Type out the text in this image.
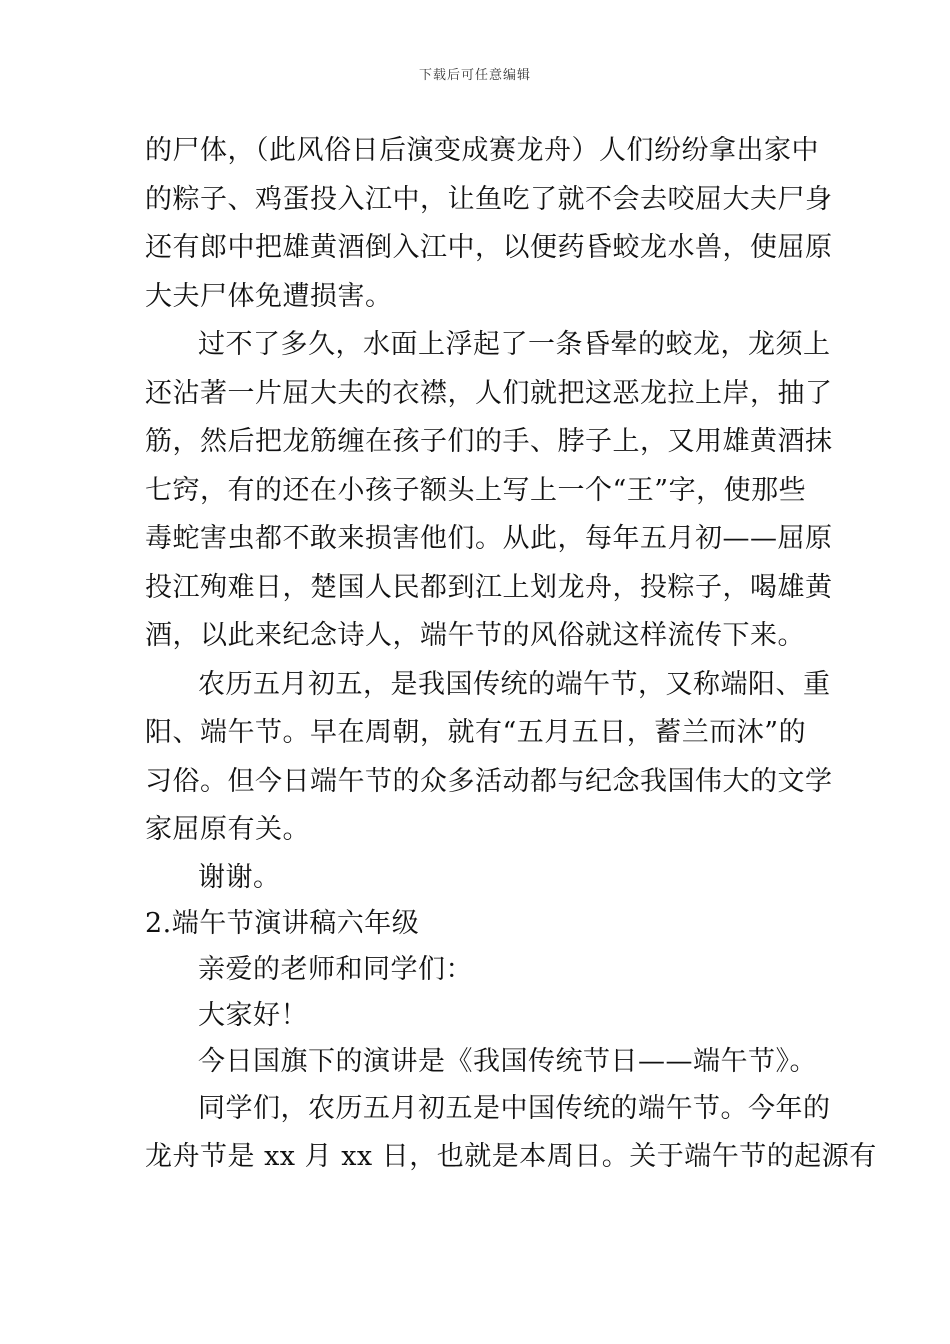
下载后可任意编辑
的尸体，（此风俗日后演变成赛龙舟）人们纷纷拿出家中
的粽子、鸡蛋投入江中，让鱼吃了就不会去咬屈大夫尸身
还有郎中把雄黄酒倒入江中，以便药昏蛟龙水兽，使屈原
大夫尸体免遭损害。
过不了多久，水面上浮起了一条昏晕的蛟龙，龙须上
还沾著一片屈大夫的衣襟，人们就把这恶龙拉上岸，抽了
筋，然后把龙筋缠在孩子们的手、脖子上，又用雄黄酒抹
七窍，有的还在小孩子额头上写上一个“王”字，使那些
毒蛇害虫都不敢来损害他们。从此，每年五月初——屈原
投江殉难日，楚国人民都到江上划龙舟，投粽子，喝雄黄
酒，以此来纪念诗人，端午节的风俗就这样流传下来。
农历五月初五，是我国传统的端午节，又称端阳、重
阳、端午节。早在周朝，就有“五月五日，蓄兰而沐”的
习俗。但今日端午节的众多活动都与纪念我国伟大的文学
家屈原有关。
谢谢。
2.端午节演讲稿六年级
亲爱的老师和同学们：
大家好！
今日国旗下的演讲是《我国传统节日——端午节》。
同学们，农历五月初五是中国传统的端午节。今年的
龙舟节是 xx 月 xx 日，也就是本周日。关于端午节的起源有
